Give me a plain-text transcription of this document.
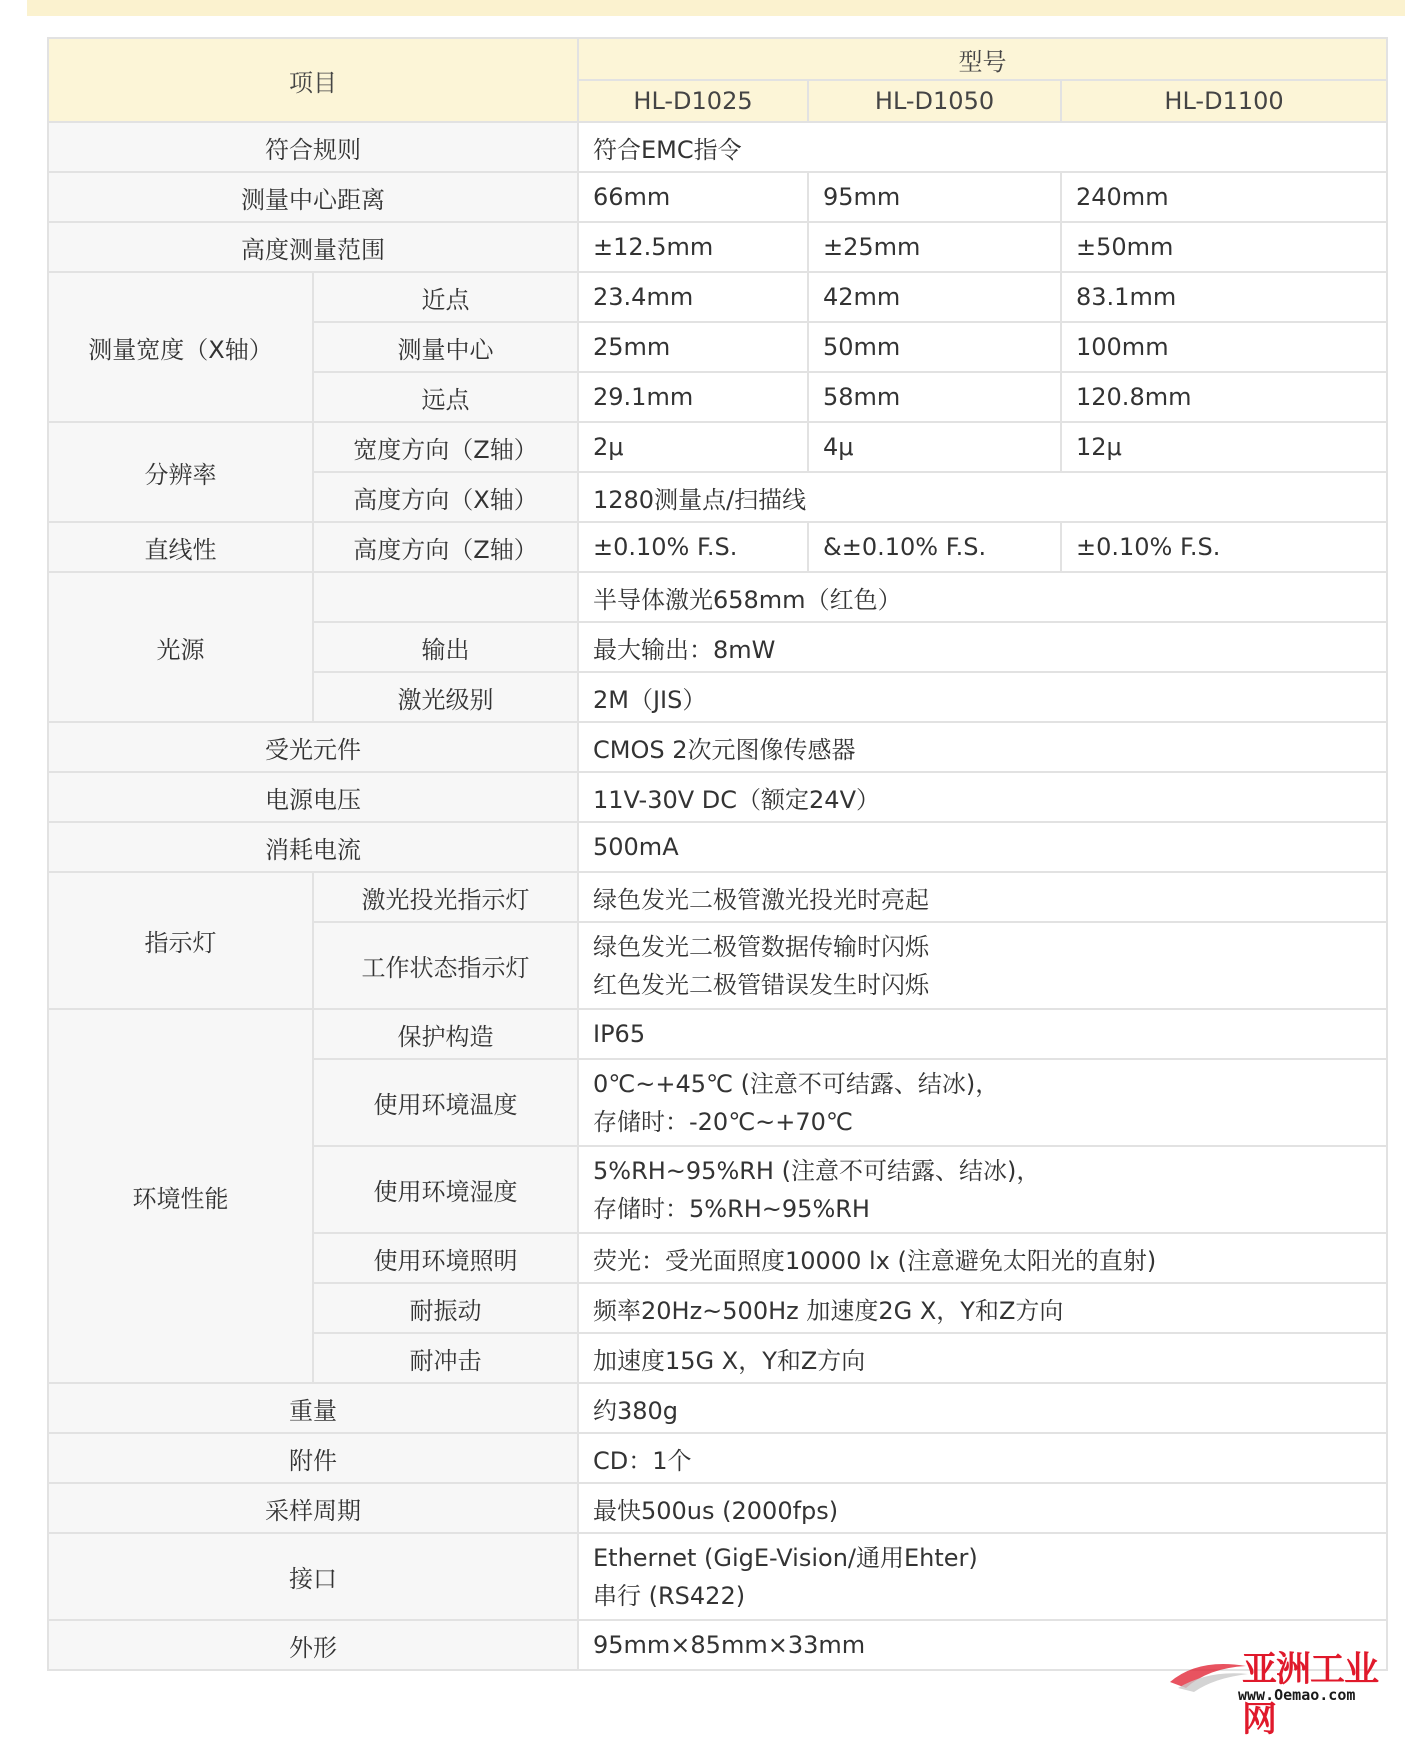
项目		型号		
		HL-D1025	HL-D1050	HL-D1100
符合规则		符合EMC指令		
测量中心距离		66mm	95mm	240mm
高度测量范围		±12.5mm	±25mm	±50mm
测量宽度（X轴）	近点	23.4mm	42mm	83.1mm
	测量中心	25mm	50mm	100mm
	远点	29.1mm	58mm	120.8mm
分辨率	宽度方向（Z轴）	2μ	4μ	12μ
	高度方向（X轴）	1280测量点/扫描线		
直线性	高度方向（Z轴）	±0.10% F.S.	&±0.10% F.S.	±0.10% F.S.
光源		半导体激光658mm（红色）		
	输出	最大输出：8mW		
	激光级别	2M（JIS）		
受光元件		CMOS 2次元图像传感器		
电源电压		11V-30V DC（额定24V）		
消耗电流		500mA		
指示灯	激光投光指示灯	绿色发光二极管激光投光时亮起		
	工作状态指示灯	绿色发光二极管数据传输时闪烁
红色发光二极管错误发生时闪烁		

环境性能	保护构造	IP65		
	使用环境温度	0℃~+45℃ (注意不可结露、结冰)，
存储时：-20℃~+70℃		

	使用环境湿度	5%RH~95%RH (注意不可结露、结冰)，
存储时：5%RH~95%RH		

	使用环境照明	荧光：受光面照度10000 lx (注意避免太阳光的直射)		
	耐振动	频率20Hz~500Hz 加速度2G X，Y和Z方向		
	耐冲击	加速度15G X，Y和Z方向		
重量		约380g		
附件		CD：1个		
采样周期		最快500us (2000fps)		
接口		Ethernet (GigE-Vision/通用Ehter)
串行 (RS422)		

外形		95mm×85mm×33mm		
亚洲工业网
www.Oemao.com
